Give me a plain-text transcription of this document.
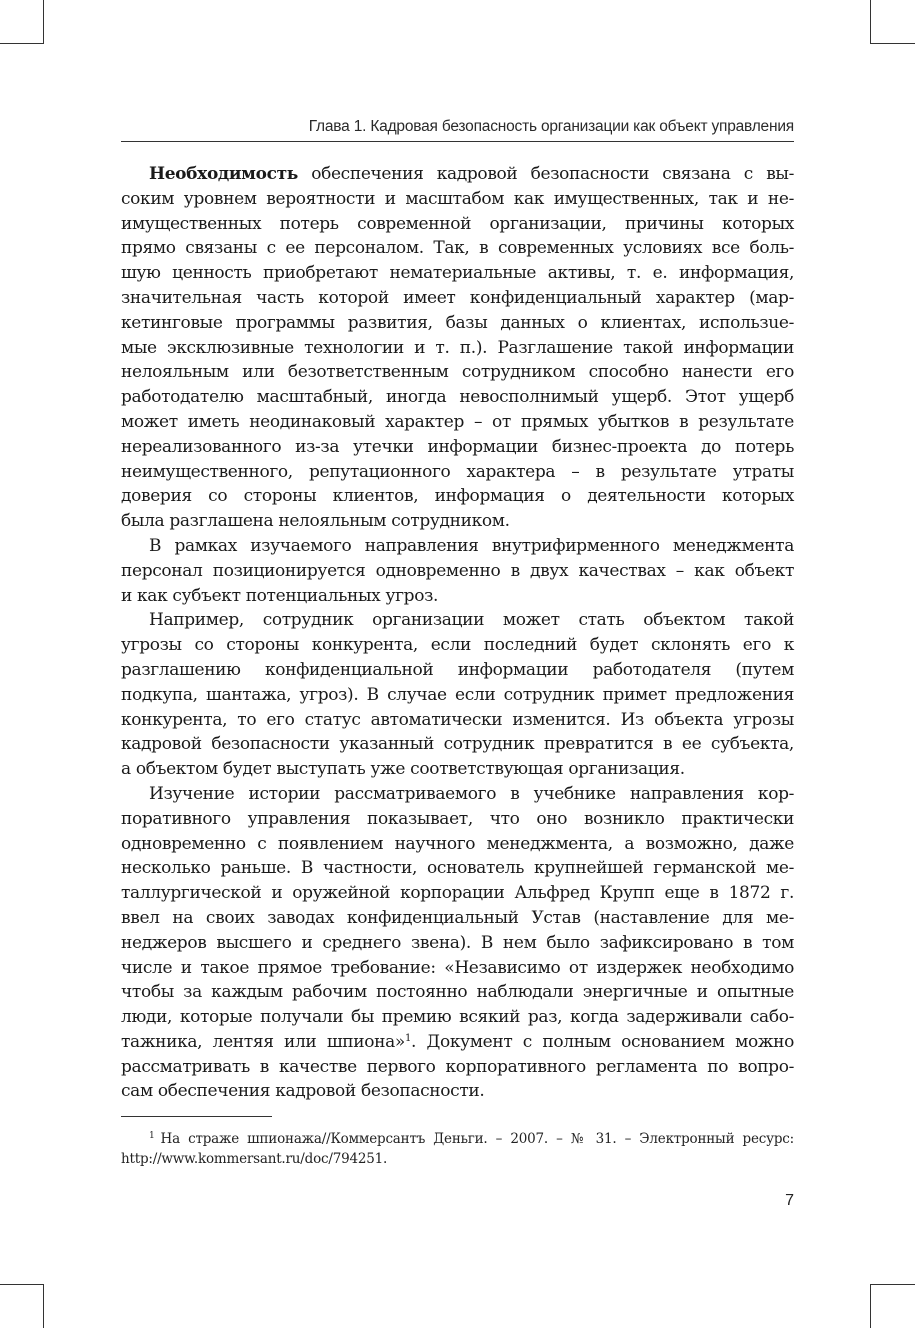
Глава 1. Кадровая безопасность организации как объект управления
Необходимость обеспечения кадровой безопасности связана с вы-
соким уровнем вероятности и масштабом как имущественных, так и не-
имущественных потерь современной организации, причины которых
прямо связаны с ее персоналом. Так, в современных условиях все боль-
шую ценность приобретают нематериальные активы, т. е. информация,
значительная часть которой имеет конфиденциальный характер (мар-
кетинговые программы развития, базы данных о клиентах, использue-
мые эксклюзивные технологии и т. п.). Разглашение такой информации
нелояльным или безответственным сотрудником способно нанести его
работодателю масштабный, иногда невосполнимый ущерб. Этот ущерб
может иметь неодинаковый характер – от прямых убытков в результате
нереализованного из-за утечки информации бизнес-проекта до потерь
неимущественного, репутационного характера – в результате утраты
доверия со стороны клиентов, информация о деятельности которых
была разглашена нелояльным сотрудником.
В рамках изучаемого направления внутрифирменного менеджмента
персонал позиционируется одновременно в двух качествах – как объект
и как субъект потенциальных угроз.
Например, сотрудник организации может стать объектом такой
угрозы со стороны конкурента, если последний будет склонять его к
разглашению конфиденциальной информации работодателя (путем
подкупа, шантажа, угроз). В случае если сотрудник примет предложения
конкурента, то его статус автоматически изменится. Из объекта угрозы
кадровой безопасности указанный сотрудник превратится в ее субъекта,
а объектом будет выступать уже соответствующая организация.
Изучение истории рассматриваемого в учебнике направления кор-
поративного управления показывает, что оно возникло практически
одновременно с появлением научного менеджмента, а возможно, даже
несколько раньше. В частности, основатель крупнейшей германской ме-
таллургической и оружейной корпорации Альфред Крупп еще в 1872 г.
ввел на своих заводах конфиденциальный Устав (наставление для ме-
неджеров высшего и среднего звена). В нем было зафиксировано в том
числе и такое прямое требование: «Независимо от издержек необходимо
чтобы за каждым рабочим постоянно наблюдали энергичные и опытные
люди, которые получали бы премию всякий раз, когда задерживали сабо-
тажника, лентяя или шпиона»$^1$. Документ с полным основанием можно
рассматривать в качестве первого корпоративного регламента по вопро-
сам обеспечения кадровой безопасности.
$^1$ На страже шпионажа//Коммерсантъ Деньги. – 2007. – № 31. – Электронный ресурс:
http://www.kommersant.ru/doc/794251.
7
